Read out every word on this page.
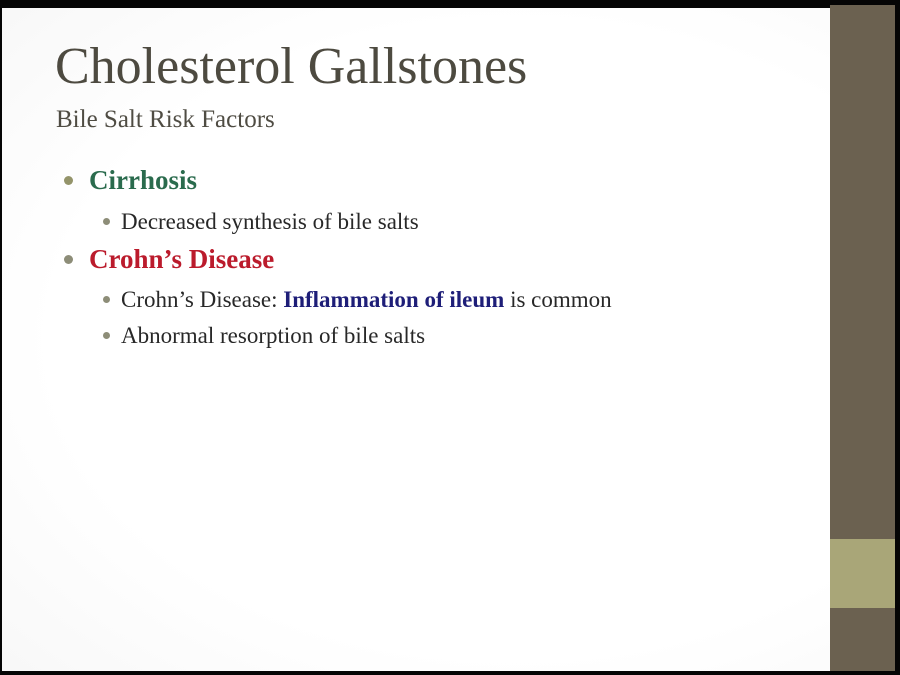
Cholesterol Gallstones
Bile Salt Risk Factors
Cirrhosis
Decreased synthesis of bile salts
Crohn’s Disease
Crohn’s Disease: Inflammation of ileum is common
Abnormal resorption of bile salts
